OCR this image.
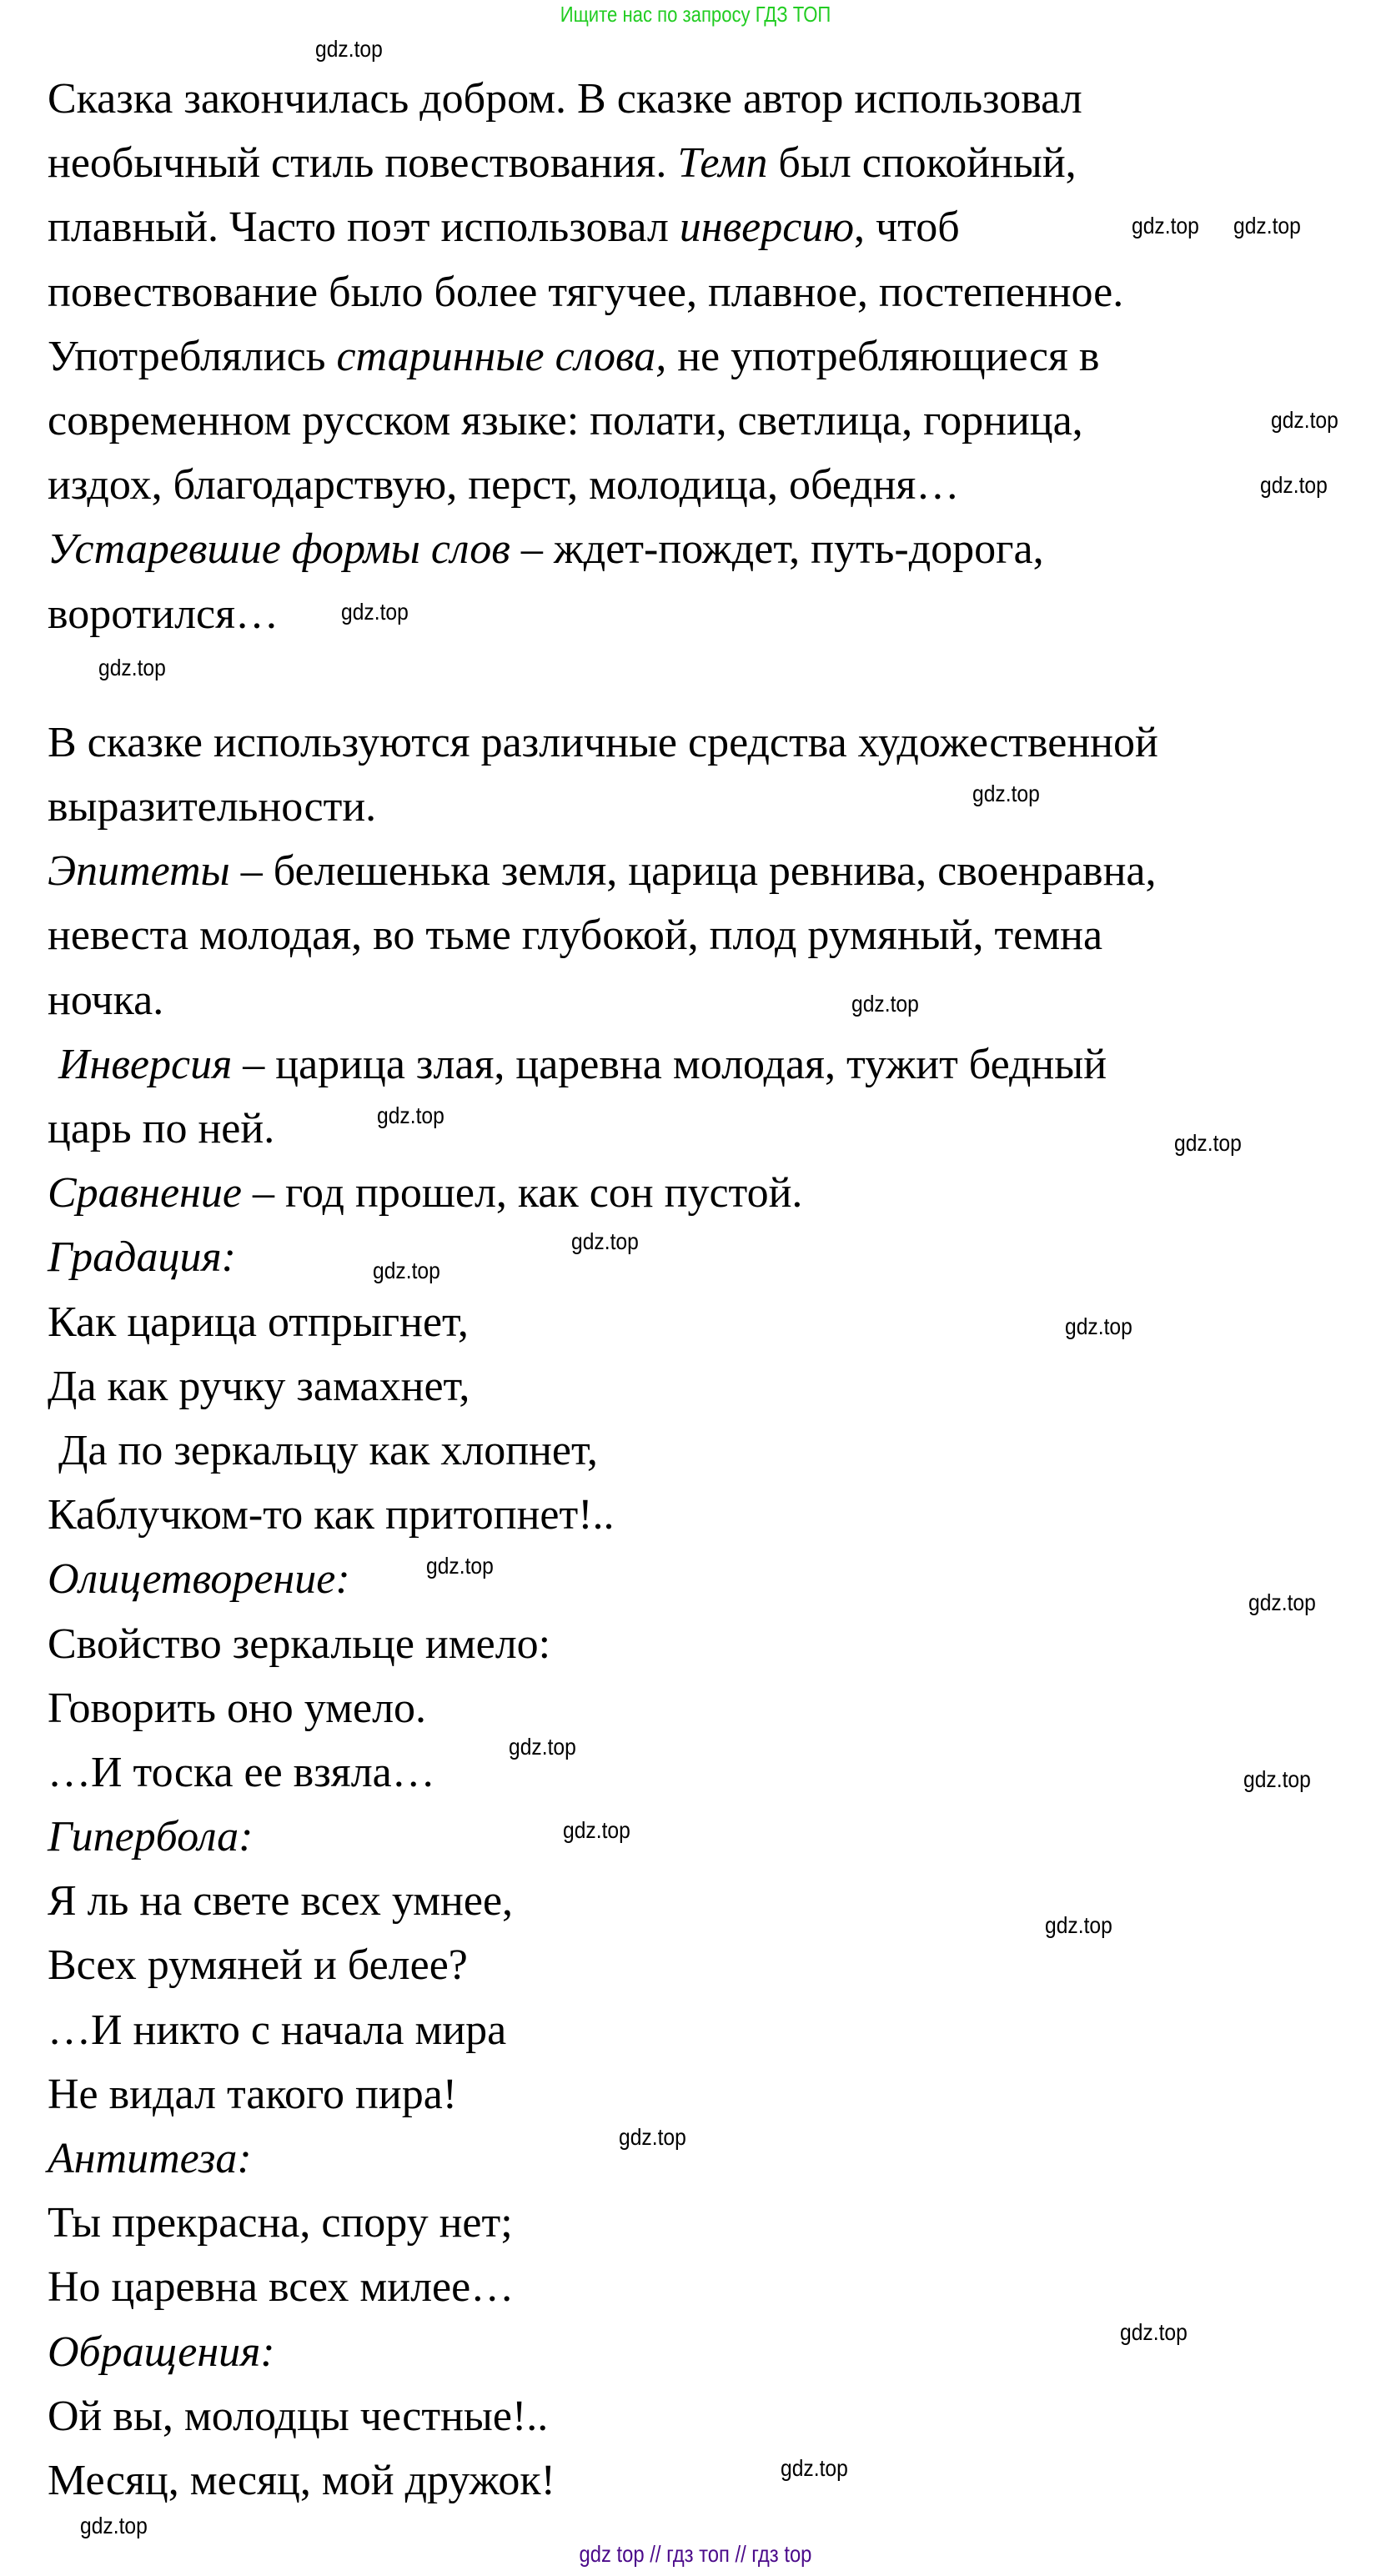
Ищите нас по запросу ГДЗ ТОП
Сказка закончилась добром. В сказке автор использовал
необычный стиль повествования. Темп был спокойный,
плавный. Часто поэт использовал инверсию, чтоб
повествование было более тягучее, плавное, постепенное.
Употреблялись старинные слова, не употребляющиеся в
современном русском языке: полати, светлица, горница,
издох, благодарствую, перст, молодица, обедня…
Устаревшие формы слов – ждет-пождет, путь-дорога,
воротился…
В сказке используются различные средства художественной
выразительности.
Эпитеты – белешенька земля, царица ревнива, своенравна,
невеста молодая, во тьме глубокой, плод румяный, темна
ночка.
Инверсия – царица злая, царевна молодая, тужит бедный
царь по ней.
Сравнение – год прошел, как сон пустой.
Градация:
Как царица отпрыгнет,
Да как ручку замахнет,
Да по зеркальцу как хлопнет,
Каблучком-то как притопнет!..
Олицетворение:
Свойство зеркальце имело:
Говорить оно умело.
…И тоска ее взяла…
Гипербола:
Я ль на свете всех умнее,
Всех румяней и белее?
…И никто с начала мира
Не видал такого пира!
Антитеза:
Ты прекрасна, спору нет;
Но царевна всех милее…
Обращения:
Ой вы, молодцы честные!..
Месяц, месяц, мой дружок!
gdz.top
gdz.top gdz.top
gdz.top
gdz.top
gdz.top
gdz.top
gdz.top
gdz.top
gdz.top
gdz.top
gdz.top
gdz.top
gdz.top
gdz.top
gdz.top
gdz.top
gdz.top
gdz.top
gdz.top
gdz.top
gdz.top
gdz.top
gdz.top
gdz top // гдз топ // гдз top
